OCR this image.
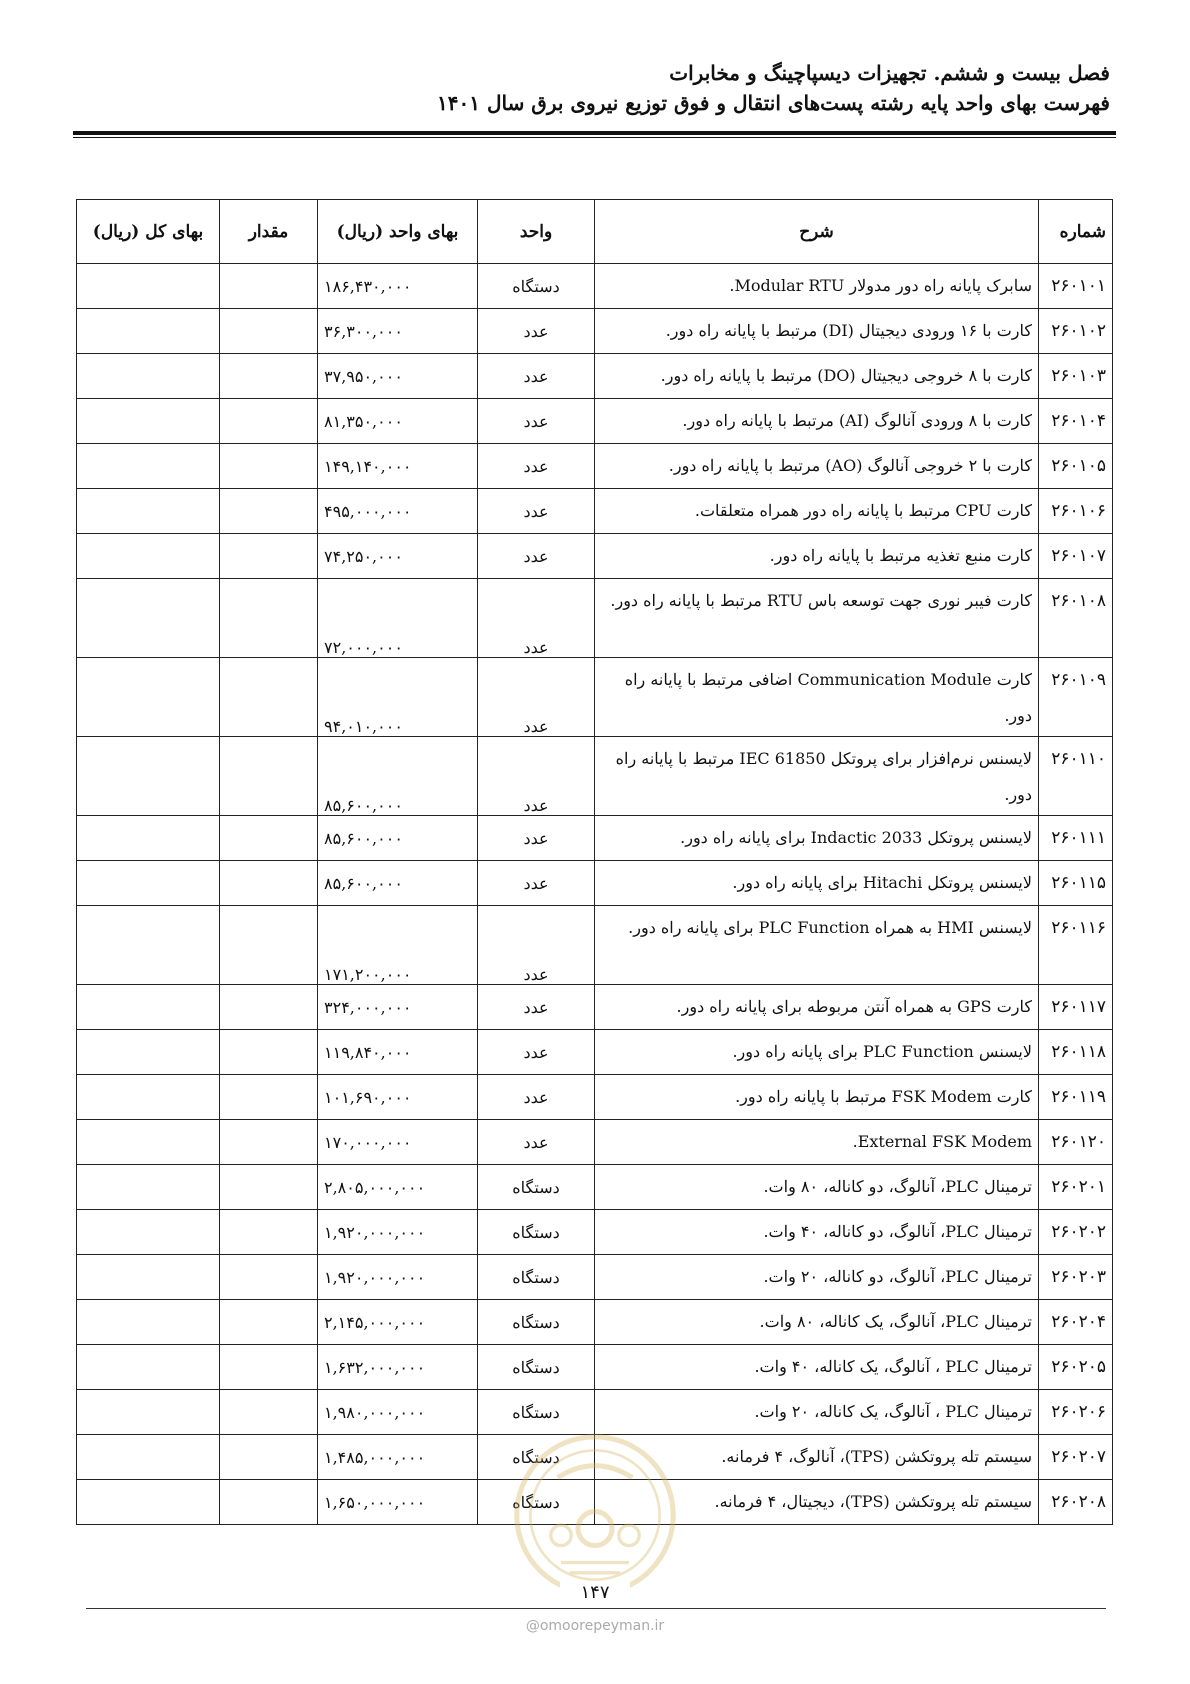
فصل بیست و ششم. تجهیزات دیسپاچینگ و مخابرات
فهرست بهای واحد پایه رشته پست‌های انتقال و فوق توزیع نیروی برق سال ۱۴۰۱
شماره	شرح	واحد	بهای واحد (ریال)	مقدار	بهای کل (ریال)
۲۶۰۱۰۱	سابرک پایانه راه دور مدولار Modular RTU.	دستگاه	۱۸۶,۴۳۰,۰۰۰		
۲۶۰۱۰۲	کارت با ۱۶ ورودی دیجیتال (DI) مرتبط با پایانه راه دور.	عدد	۳۶,۳۰۰,۰۰۰		
۲۶۰۱۰۳	کارت با ۸ خروجی دیجیتال (DO) مرتبط با پایانه راه دور.	عدد	۳۷,۹۵۰,۰۰۰		
۲۶۰۱۰۴	کارت با ۸ ورودی آنالوگ (AI) مرتبط با پایانه راه دور.	عدد	۸۱,۳۵۰,۰۰۰		
۲۶۰۱۰۵	کارت با ۲ خروجی آنالوگ (AO) مرتبط با پایانه راه دور.	عدد	۱۴۹,۱۴۰,۰۰۰		
۲۶۰۱۰۶	کارت CPU مرتبط با پایانه راه دور همراه متعلقات.	عدد	۴۹۵,۰۰۰,۰۰۰		
۲۶۰۱۰۷	کارت منبع تغذیه مرتبط با پایانه راه دور.	عدد	۷۴,۲۵۰,۰۰۰		
۲۶۰۱۰۸	کارت فیبر نوری جهت توسعه باس RTU مرتبط با پایانه راه دور.	عدد	۷۲,۰۰۰,۰۰۰		
۲۶۰۱۰۹	کارت Communication Module اضافی مرتبط با پایانه راه دور.	عدد	۹۴,۰۱۰,۰۰۰		
۲۶۰۱۱۰	لایسنس نرم‌افزار برای پروتکل IEC 61850 مرتبط با پایانه راه دور.	عدد	۸۵,۶۰۰,۰۰۰		
۲۶۰۱۱۱	لایسنس پروتکل Indactic 2033 برای پایانه راه دور.	عدد	۸۵,۶۰۰,۰۰۰		
۲۶۰۱۱۵	لایسنس پروتکل Hitachi برای پایانه راه دور.	عدد	۸۵,۶۰۰,۰۰۰		
۲۶۰۱۱۶	لایسنس HMI به همراه PLC Function برای پایانه راه دور.	عدد	۱۷۱,۲۰۰,۰۰۰		
۲۶۰۱۱۷	کارت GPS به همراه آنتن مربوطه برای پایانه راه دور.	عدد	۳۲۴,۰۰۰,۰۰۰		
۲۶۰۱۱۸	لایسنس PLC Function برای پایانه راه دور.	عدد	۱۱۹,۸۴۰,۰۰۰		
۲۶۰۱۱۹	کارت FSK Modem مرتبط با پایانه راه دور.	عدد	۱۰۱,۶۹۰,۰۰۰		
۲۶۰۱۲۰	External FSK Modem.	عدد	۱۷۰,۰۰۰,۰۰۰		
۲۶۰۲۰۱	ترمینال PLC، آنالوگ، دو کاناله، ۸۰ وات.	دستگاه	۲,۸۰۵,۰۰۰,۰۰۰		
۲۶۰۲۰۲	ترمینال PLC، آنالوگ، دو کاناله، ۴۰ وات.	دستگاه	۱,۹۲۰,۰۰۰,۰۰۰		
۲۶۰۲۰۳	ترمینال PLC، آنالوگ، دو کاناله، ۲۰ وات.	دستگاه	۱,۹۲۰,۰۰۰,۰۰۰		
۲۶۰۲۰۴	ترمینال PLC، آنالوگ، یک کاناله، ۸۰ وات.	دستگاه	۲,۱۴۵,۰۰۰,۰۰۰		
۲۶۰۲۰۵	ترمینال PLC ، آنالوگ، یک کاناله، ۴۰ وات.	دستگاه	۱,۶۳۲,۰۰۰,۰۰۰		
۲۶۰۲۰۶	ترمینال PLC ، آنالوگ، یک کاناله، ۲۰ وات.	دستگاه	۱,۹۸۰,۰۰۰,۰۰۰		
۲۶۰۲۰۷	سیستم تله پروتکشن (TPS)، آنالوگ، ۴ فرمانه.	دستگاه	۱,۴۸۵,۰۰۰,۰۰۰		
۲۶۰۲۰۸	سیستم تله پروتکشن (TPS)، دیجیتال، ۴ فرمانه.	دستگاه	۱,۶۵۰,۰۰۰,۰۰۰		
۱۴۷
@omoorepeyman.ir
